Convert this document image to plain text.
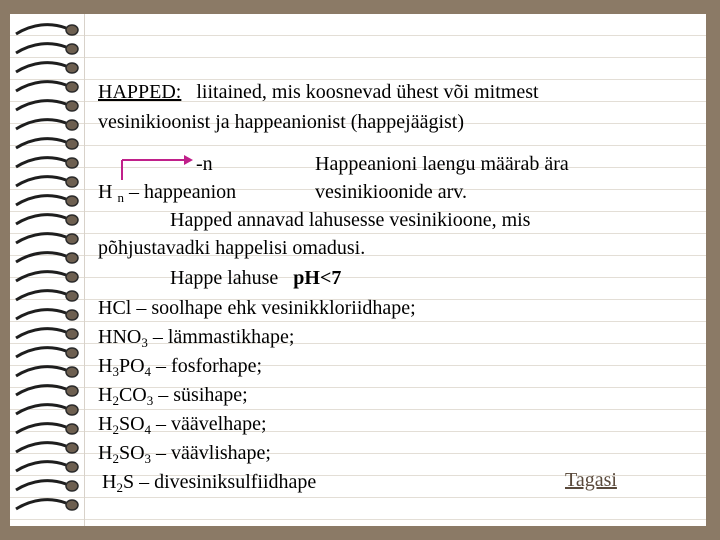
HAPPED: liitained, mis koosnevad ühest või mitmest
vesinikioonist ja happeanionist (happejäägist)
-n
H $_n$ – happeanion
Happeanioni laengu määrab ära
vesinikioonide arv.
Happed annavad lahusesse vesinikioone, mis
põhjustavadki happelisi omadusi.
Happe lahuse pH<7
HCl – soolhape ehk vesinikkloriidhape;
$HNO_3$ – lämmastikhape;
$H_3PO_4$ – fosforhape;
$H_2CO_3$ – süsihape;
$H_2SO_4$ – väävelhape;
$H_2SO_3$ – väävlishape;
$H_2S$ – divesiniksulfiidhape	Tagasi
